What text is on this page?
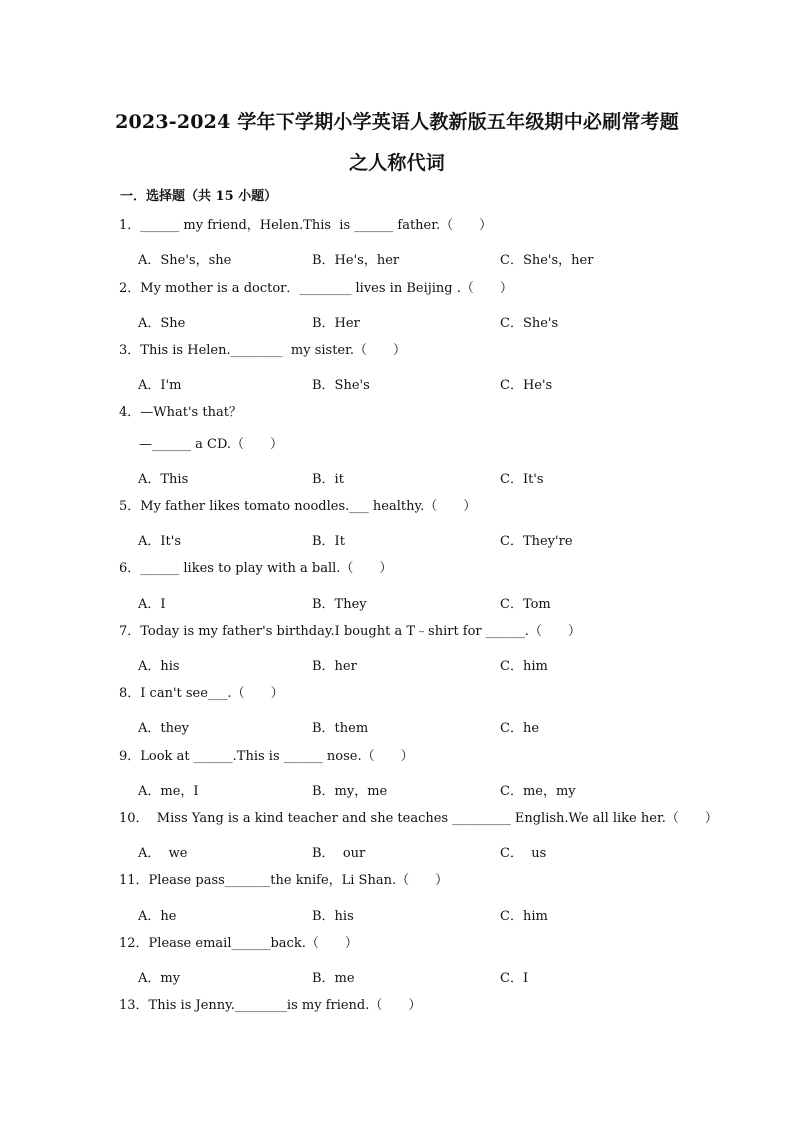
2023-2024 学年下学期小学英语人教新版五年级期中必刷常考题
之人称代词
一．选择题（共 15 小题）
1．______ my friend，Helen.This  is ______ father.（　　）
A．She's，she	B．He's，her	C．She's，her
2．My mother is a doctor．________ lives in Beijing .（　　）
A．She	B．Her	C．She's
3．This is Helen.________  my sister.（　　）
A．I'm	B．She's	C．He's
4．—What's that？
—______ a CD.（　　）
A．This	B．it	C．It's
5．My father likes tomato noodles.___ healthy.（　　）
A．It's	B．It	C．They're
6．______ likes to play with a ball.（　　）
A．I	B．They	C．Tom
7．Today is my father's birthday.I bought a T﹣shirt for ______.（　　）
A．his	B．her	C．him
8．I can't see___.（　　）
A．they	B．them	C．he
9．Look at ______.This is ______ nose.（　　）
A．me，I	B．my，me	C．me，my
10．  Miss Yang is a kind teacher and she teaches _________ English.We all like her.（　　）
A．  we	B．  our	C．  us
11．Please pass_______the knife，Li Shan.（　　）
A．he	B．his	C．him
12．Please email______back.（　　）
A．my	B．me	C．I
13．This is Jenny.________is my friend.（　　）
